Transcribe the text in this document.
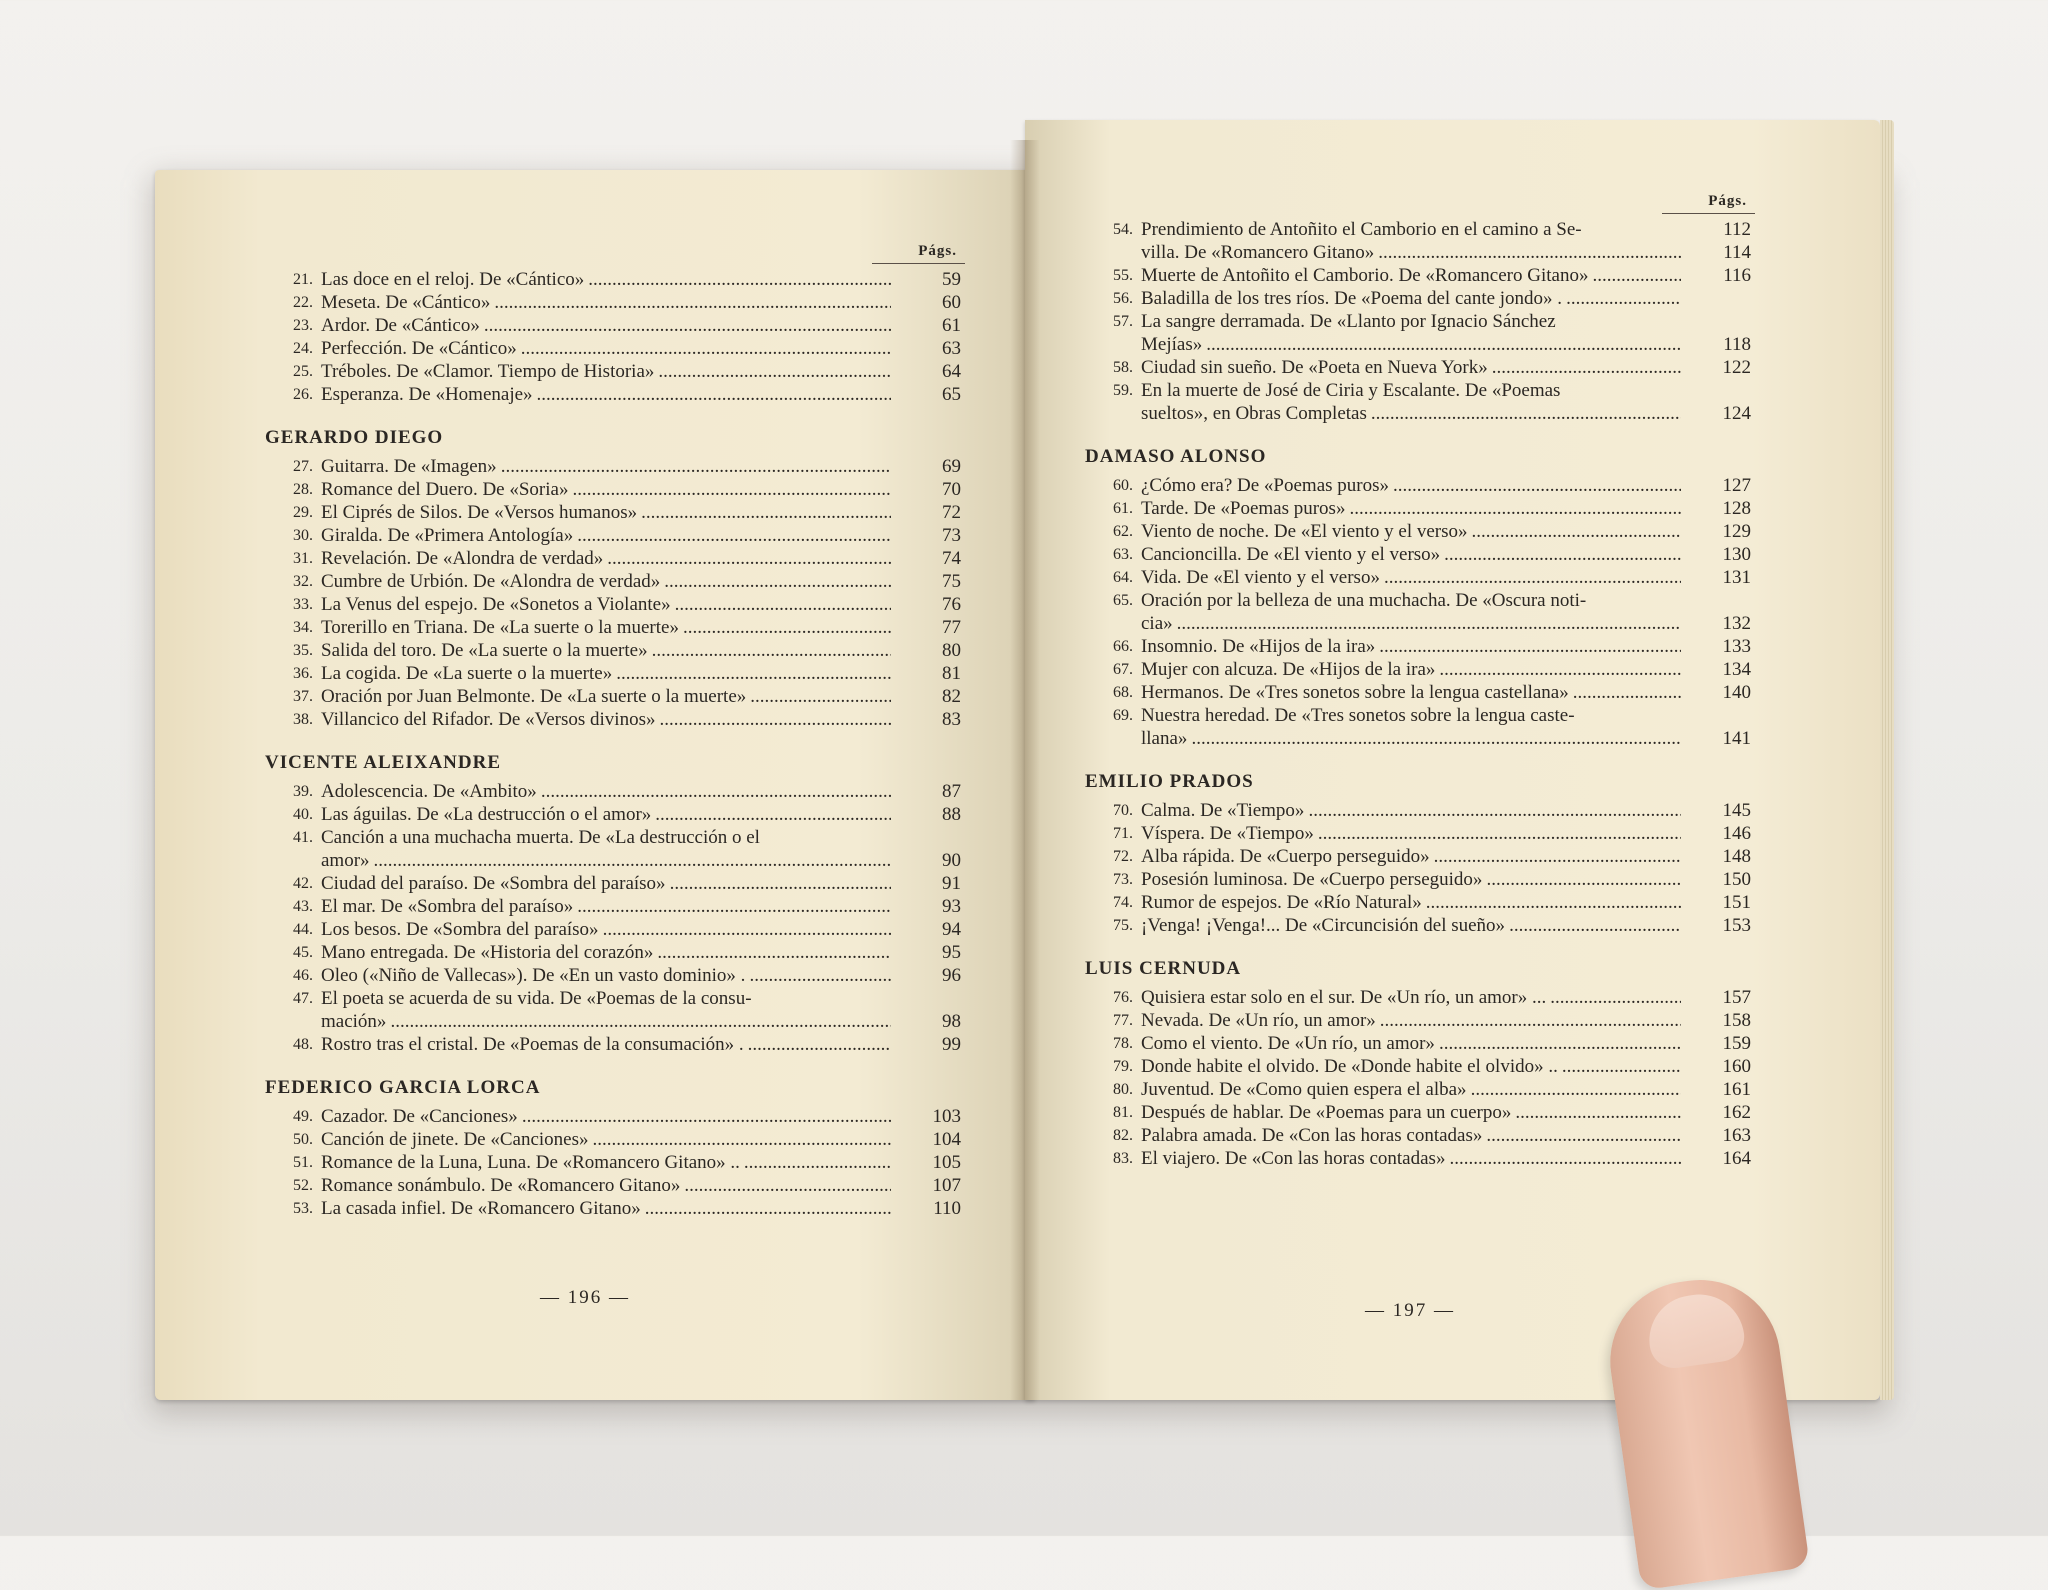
Págs.
21. Las doce en el reloj. De «Cántico» .....	59
22. Meseta. De «Cántico» .....	60
23. Ardor. De «Cántico» .....	61
24. Perfección. De «Cántico» .....	63
25. Tréboles. De «Clamor. Tiempo de Historia» .....	64
26. Esperanza. De «Homenaje» .....	65
GERARDO DIEGO
27. Guitarra. De «Imagen» .....	69
28. Romance del Duero. De «Soria» .....	70
29. El Ciprés de Silos. De «Versos humanos» .....	72
30. Giralda. De «Primera Antología» .....	73
31. Revelación. De «Alondra de verdad» .....	74
32. Cumbre de Urbión. De «Alondra de verdad» .....	75
33. La Venus del espejo. De «Sonetos a Violante» .....	76
34. Torerillo en Triana. De «La suerte o la muerte» .....	77
35. Salida del toro. De «La suerte o la muerte» .....	80
36. La cogida. De «La suerte o la muerte» .....	81
37. Oración por Juan Belmonte. De «La suerte o la muerte» .....	82
38. Villancico del Rifador. De «Versos divinos» .....	83
VICENTE ALEIXANDRE
39. Adolescencia. De «Ambito» .....	87
40. Las águilas. De «La destrucción o el amor» .....	88
41. Canción a una muchacha muerta. De «La destrucción o el
amor» .....	90
42. Ciudad del paraíso. De «Sombra del paraíso» .....	91
43. El mar. De «Sombra del paraíso» .....	93
44. Los besos. De «Sombra del paraíso» .....	94
45. Mano entregada. De «Historia del corazón» .....	95
46. Oleo («Niño de Vallecas»). De «En un vasto dominio» . .....	96
47. El poeta se acuerda de su vida. De «Poemas de la consu-
mación» .....	98
48. Rostro tras el cristal. De «Poemas de la consumación» . .....	99
FEDERICO GARCIA LORCA
49. Cazador. De «Canciones» .....	103
50. Canción de jinete. De «Canciones» .....	104
51. Romance de la Luna, Luna. De «Romancero Gitano» .. .....	105
52. Romance sonámbulo. De «Romancero Gitano» .....	107
53. La casada infiel. De «Romancero Gitano» .....	110
— 196 —
Págs.
54. Prendimiento de Antoñito el Camborio en el camino a Se-	112
villa. De «Romancero Gitano» .....	114
55. Muerte de Antoñito el Camborio. De «Romancero Gitano» .....	116
56. Baladilla de los tres ríos. De «Poema del cante jondo» . .....
57. La sangre derramada. De «Llanto por Ignacio Sánchez
Mejías» .....	118
58. Ciudad sin sueño. De «Poeta en Nueva York» .....	122
59. En la muerte de José de Ciria y Escalante. De «Poemas
sueltos», en Obras Completas .....	124
DAMASO ALONSO
60. ¿Cómo era? De «Poemas puros» .....	127
61. Tarde. De «Poemas puros» .....	128
62. Viento de noche. De «El viento y el verso» .....	129
63. Cancioncilla. De «El viento y el verso» .....	130
64. Vida. De «El viento y el verso» .....	131
65. Oración por la belleza de una muchacha. De «Oscura noti-
cia» .....	132
66. Insomnio. De «Hijos de la ira» .....	133
67. Mujer con alcuza. De «Hijos de la ira» .....	134
68. Hermanos. De «Tres sonetos sobre la lengua castellana» .....	140
69. Nuestra heredad. De «Tres sonetos sobre la lengua caste-
llana» .....	141
EMILIO PRADOS
70. Calma. De «Tiempo» .....	145
71. Víspera. De «Tiempo» .....	146
72. Alba rápida. De «Cuerpo perseguido» .....	148
73. Posesión luminosa. De «Cuerpo perseguido» .....	150
74. Rumor de espejos. De «Río Natural» .....	151
75. ¡Venga! ¡Venga!... De «Circuncisión del sueño» .....	153
LUIS CERNUDA
76. Quisiera estar solo en el sur. De «Un río, un amor» ... .....	157
77. Nevada. De «Un río, un amor» .....	158
78. Como el viento. De «Un río, un amor» .....	159
79. Donde habite el olvido. De «Donde habite el olvido» .. .....	160
80. Juventud. De «Como quien espera el alba» .....	161
81. Después de hablar. De «Poemas para un cuerpo» .....	162
82. Palabra amada. De «Con las horas contadas» .....	163
83. El viajero. De «Con las horas contadas» .....	164
— 197 —
